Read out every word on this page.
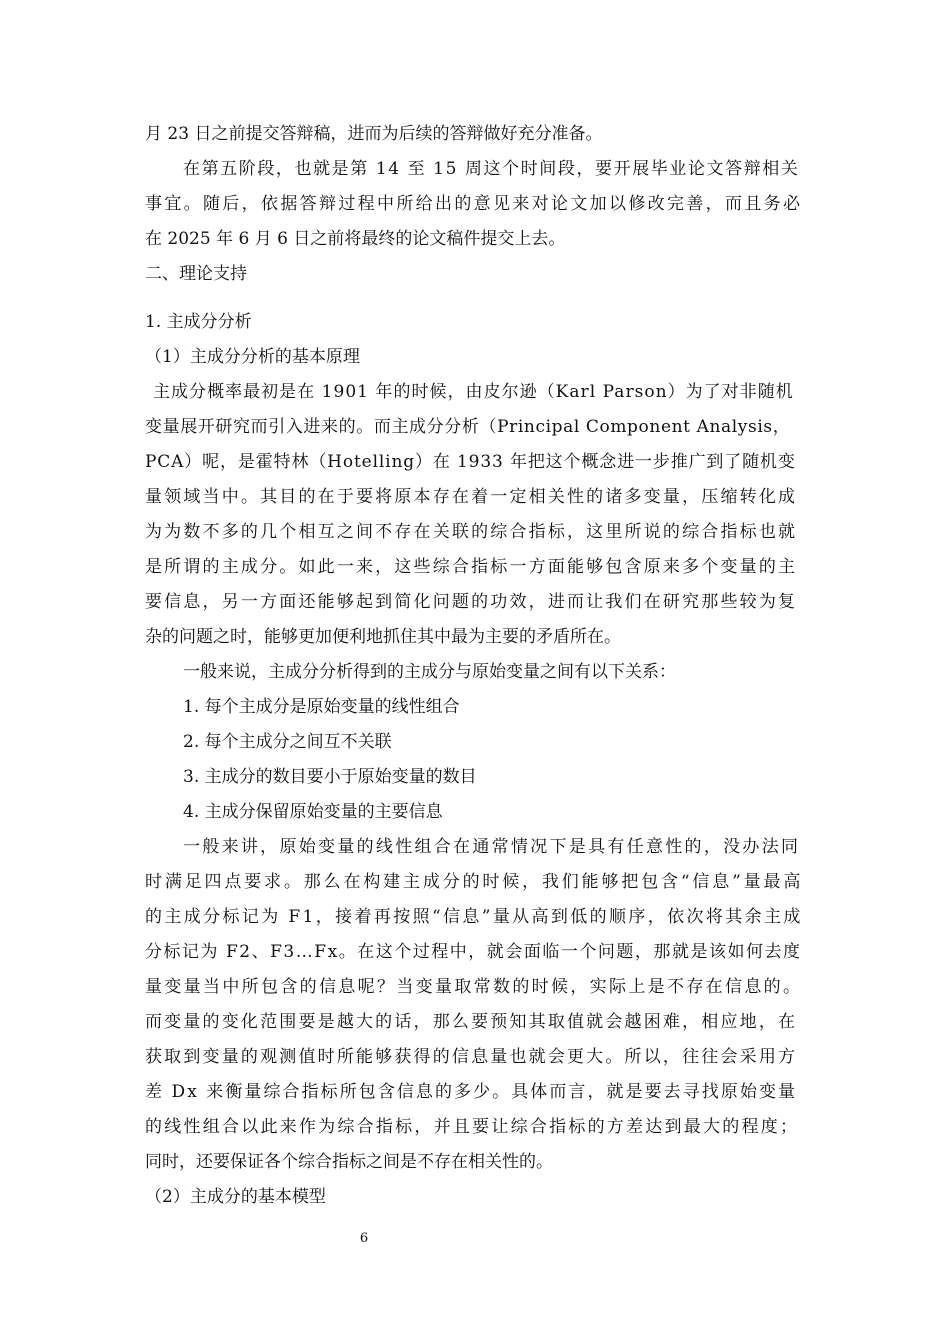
月 23 日之前提交答辩稿，进而为后续的答辩做好充分准备。
在第五阶段，也就是第 14 至 15 周这个时间段，要开展毕业论文答辩相关
事宜。随后，依据答辩过程中所给出的意见来对论文加以修改完善，而且务必
在 2025 年 6 月 6 日之前将最终的论文稿件提交上去。
二、理论支持
1. 主成分分析
（1）主成分分析的基本原理
主成分概率最初是在 1901 年的时候，由皮尔逊（Karl Parson）为了对非随机
变量展开研究而引入进来的。而主成分分析（Principal Component Analysis，
PCA）呢，是霍特林（Hotelling）在 1933 年把这个概念进一步推广到了随机变
量领域当中。其目的在于要将原本存在着一定相关性的诸多变量，压缩转化成
为为数不多的几个相互之间不存在关联的综合指标，这里所说的综合指标也就
是所谓的主成分。如此一来，这些综合指标一方面能够包含原来多个变量的主
要信息，另一方面还能够起到简化问题的功效，进而让我们在研究那些较为复
杂的问题之时，能够更加便利地抓住其中最为主要的矛盾所在。
一般来说，主成分分析得到的主成分与原始变量之间有以下关系：
1. 每个主成分是原始变量的线性组合
2. 每个主成分之间互不关联
3. 主成分的数目要小于原始变量的数目
4. 主成分保留原始变量的主要信息
一般来讲，原始变量的线性组合在通常情况下是具有任意性的，没办法同
时满足四点要求。那么在构建主成分的时候，我们能够把包含“信息”量最高
的主成分标记为 F1，接着再按照“信息”量从高到低的顺序，依次将其余主成
分标记为 F2、F3…Fx。在这个过程中，就会面临一个问题，那就是该如何去度
量变量当中所包含的信息呢？当变量取常数的时候，实际上是不存在信息的。
而变量的变化范围要是越大的话，那么要预知其取值就会越困难，相应地，在
获取到变量的观测值时所能够获得的信息量也就会更大。所以，往往会采用方
差 Dx 来衡量综合指标所包含信息的多少。具体而言，就是要去寻找原始变量
的线性组合以此来作为综合指标，并且要让综合指标的方差达到最大的程度；
同时，还要保证各个综合指标之间是不存在相关性的。
（2）主成分的基本模型
6
